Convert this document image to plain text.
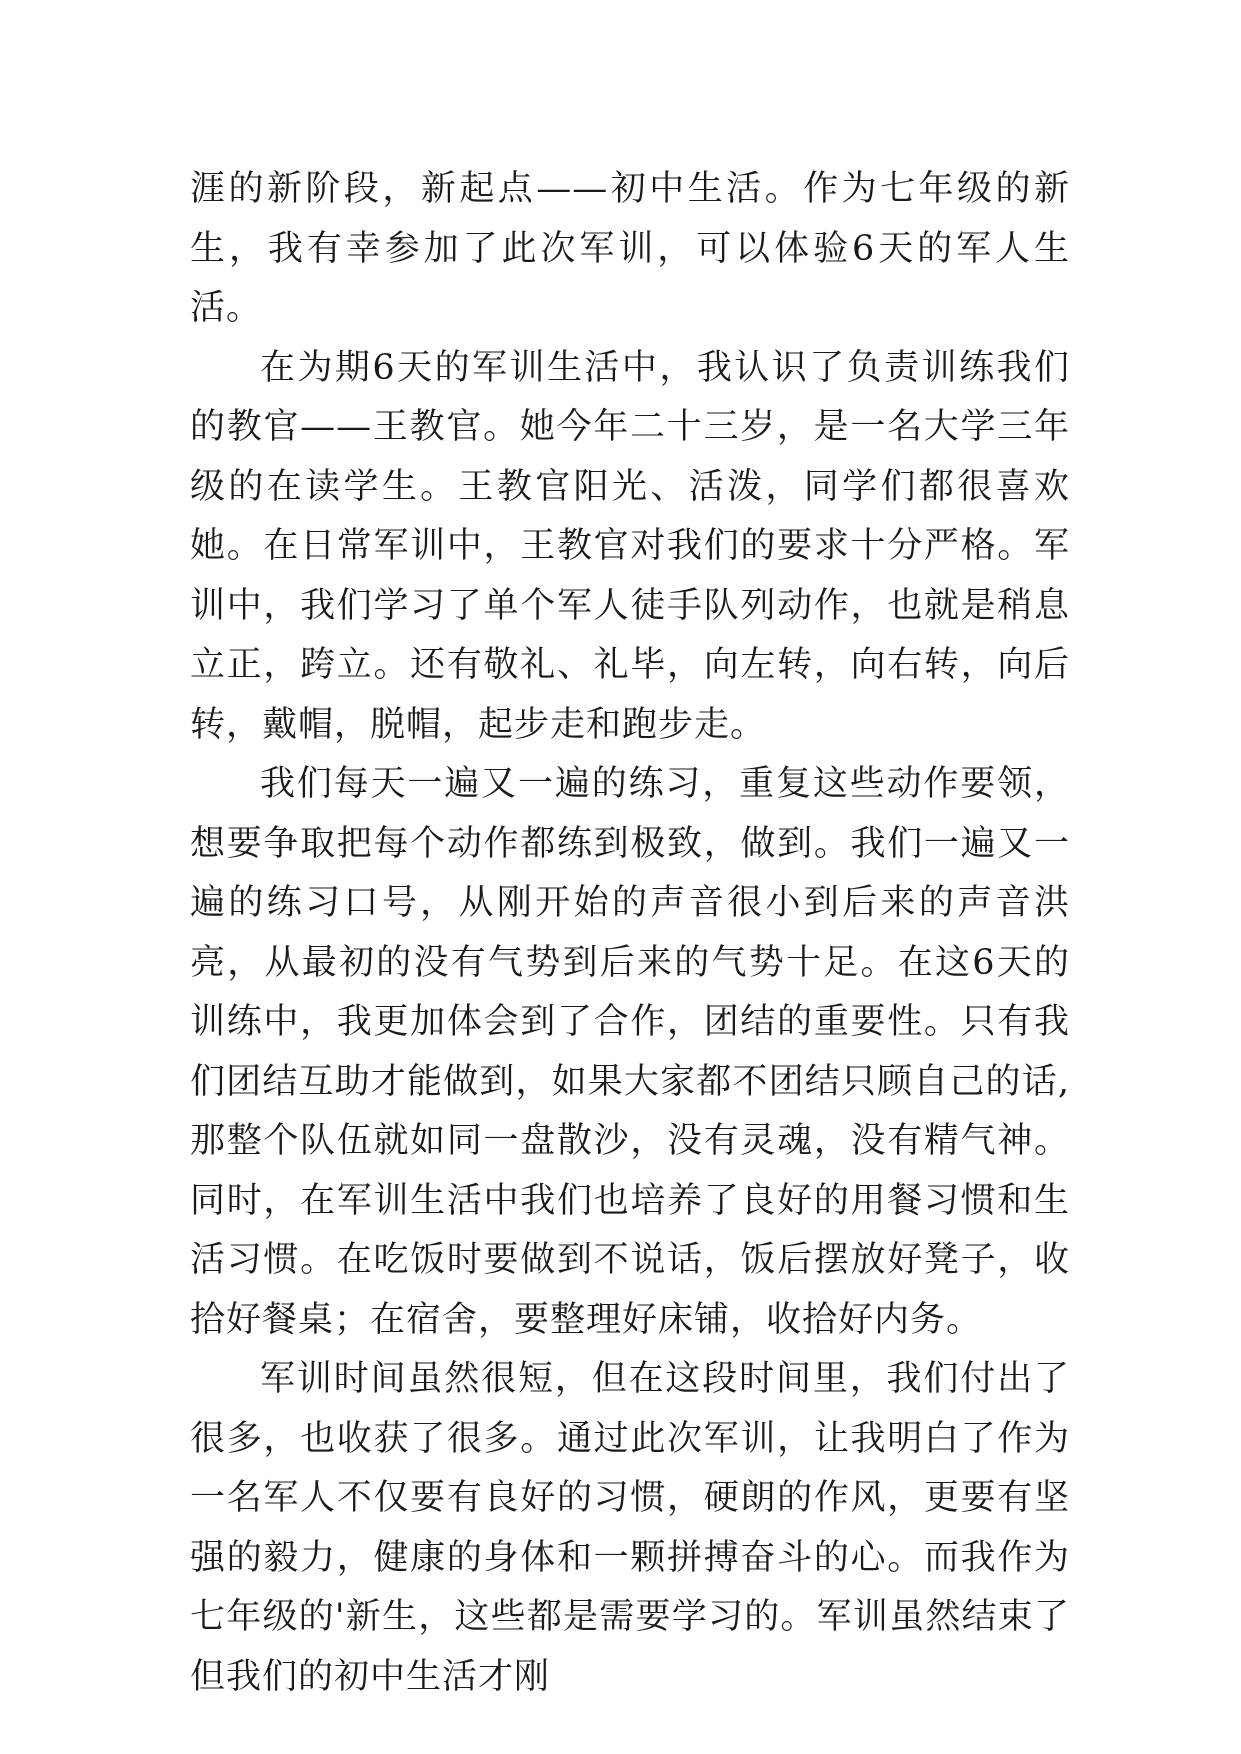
涯的新阶段，新起点——初中生活。作为七年级的新生，我有幸参加了此次军训，可以体验6天的军人生活。

在为期6天的军训生活中，我认识了负责训练我们的教官——王教官。她今年二十三岁，是一名大学三年级的在读学生。王教官阳光、活泼，同学们都很喜欢她。在日常军训中，王教官对我们的要求十分严格。军训中，我们学习了单个军人徒手队列动作，也就是稍息立正，跨立。还有敬礼、礼毕，向左转，向右转，向后转，戴帽，脱帽，起步走和跑步走。

我们每天一遍又一遍的练习，重复这些动作要领，想要争取把每个动作都练到极致，做到。我们一遍又一遍的练习口号，从刚开始的声音很小到后来的声音洪亮，从最初的没有气势到后来的气势十足。在这6天的训练中，我更加体会到了合作，团结的重要性。只有我们团结互助才能做到，如果大家都不团结只顾自己的话,那整个队伍就如同一盘散沙，没有灵魂，没有精气神。同时，在军训生活中我们也培养了良好的用餐习惯和生活习惯。在吃饭时要做到不说话，饭后摆放好凳子，收拾好餐桌；在宿舍，要整理好床铺，收拾好内务。

军训时间虽然很短，但在这段时间里，我们付出了很多，也收获了很多。通过此次军训，让我明白了作为一名军人不仅要有良好的习惯，硬朗的作风，更要有坚强的毅力，健康的身体和一颗拼搏奋斗的心。而我作为七年级的'新生，这些都是需要学习的。军训虽然结束了但我们的初中生活才刚
